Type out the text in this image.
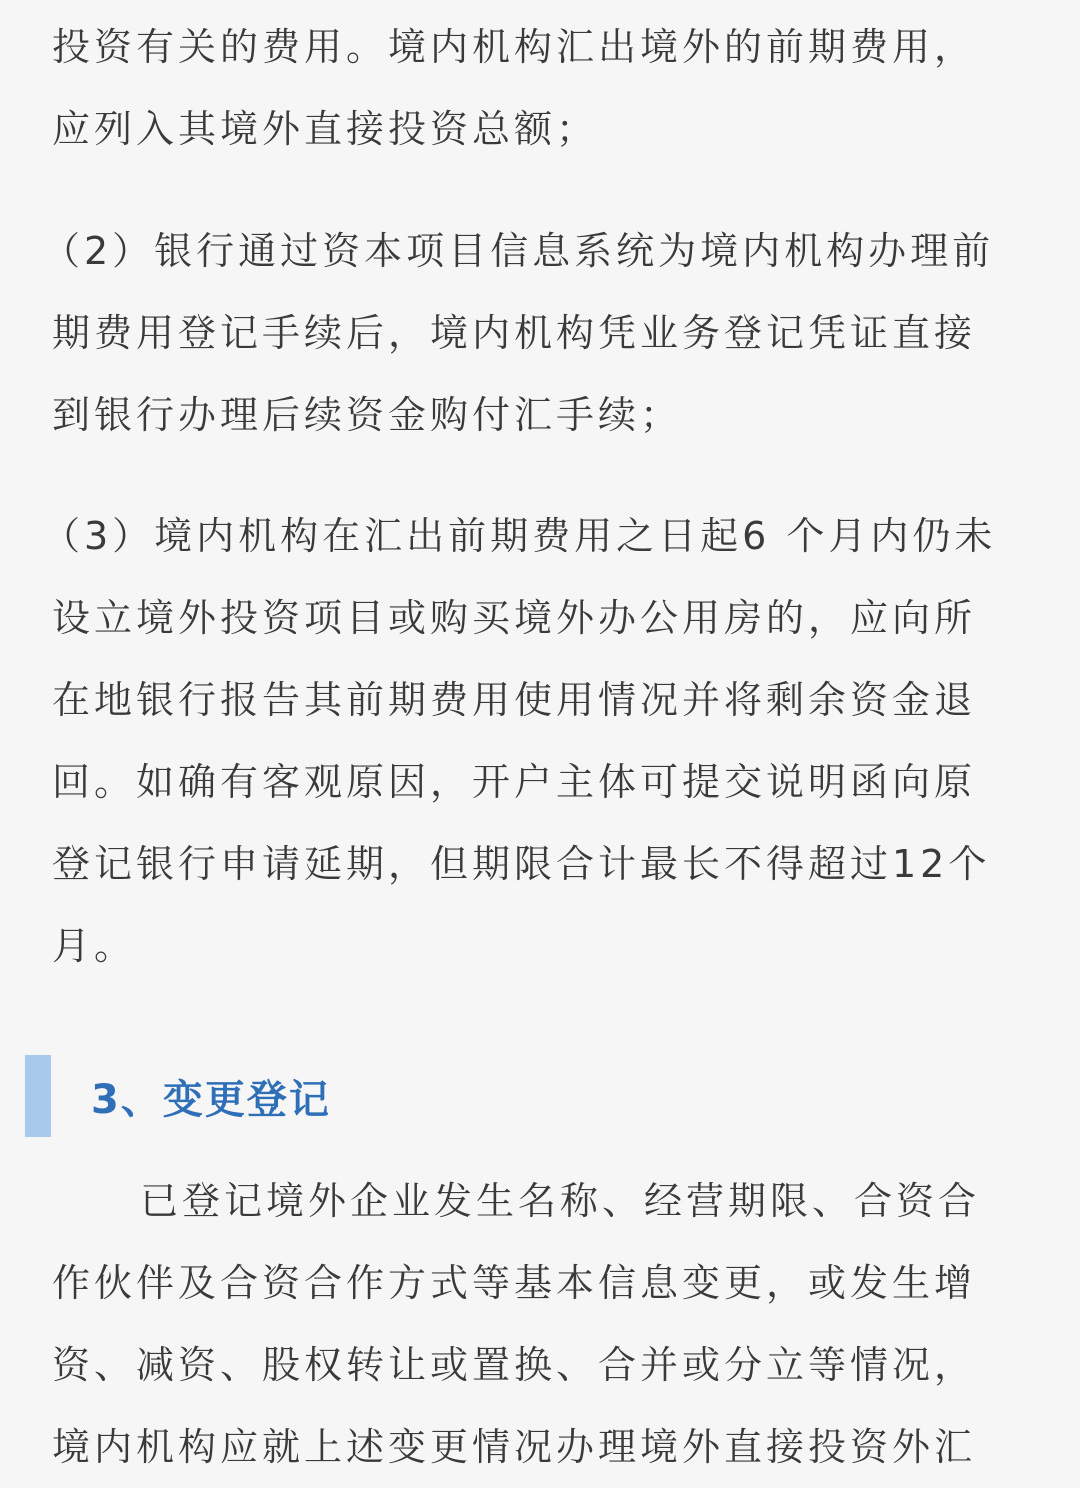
投资有关的费用。境内机构汇出境外的前期费用，
应列入其境外直接投资总额；
（2）银行通过资本项目信息系统为境内机构办理前
期费用登记手续后，境内机构凭业务登记凭证直接
到银行办理后续资金购付汇手续；
（3）境内机构在汇出前期费用之日起6 个月内仍未
设立境外投资项目或购买境外办公用房的，应向所
在地银行报告其前期费用使用情况并将剩余资金退
回。如确有客观原因，开户主体可提交说明函向原
登记银行申请延期，但期限合计最长不得超过12个
月。
3、变更登记
已登记境外企业发生名称、经营期限、合资合
作伙伴及合资合作方式等基本信息变更，或发生增
资、减资、股权转让或置换、合并或分立等情况，
境内机构应就上述变更情况办理境外直接投资外汇
